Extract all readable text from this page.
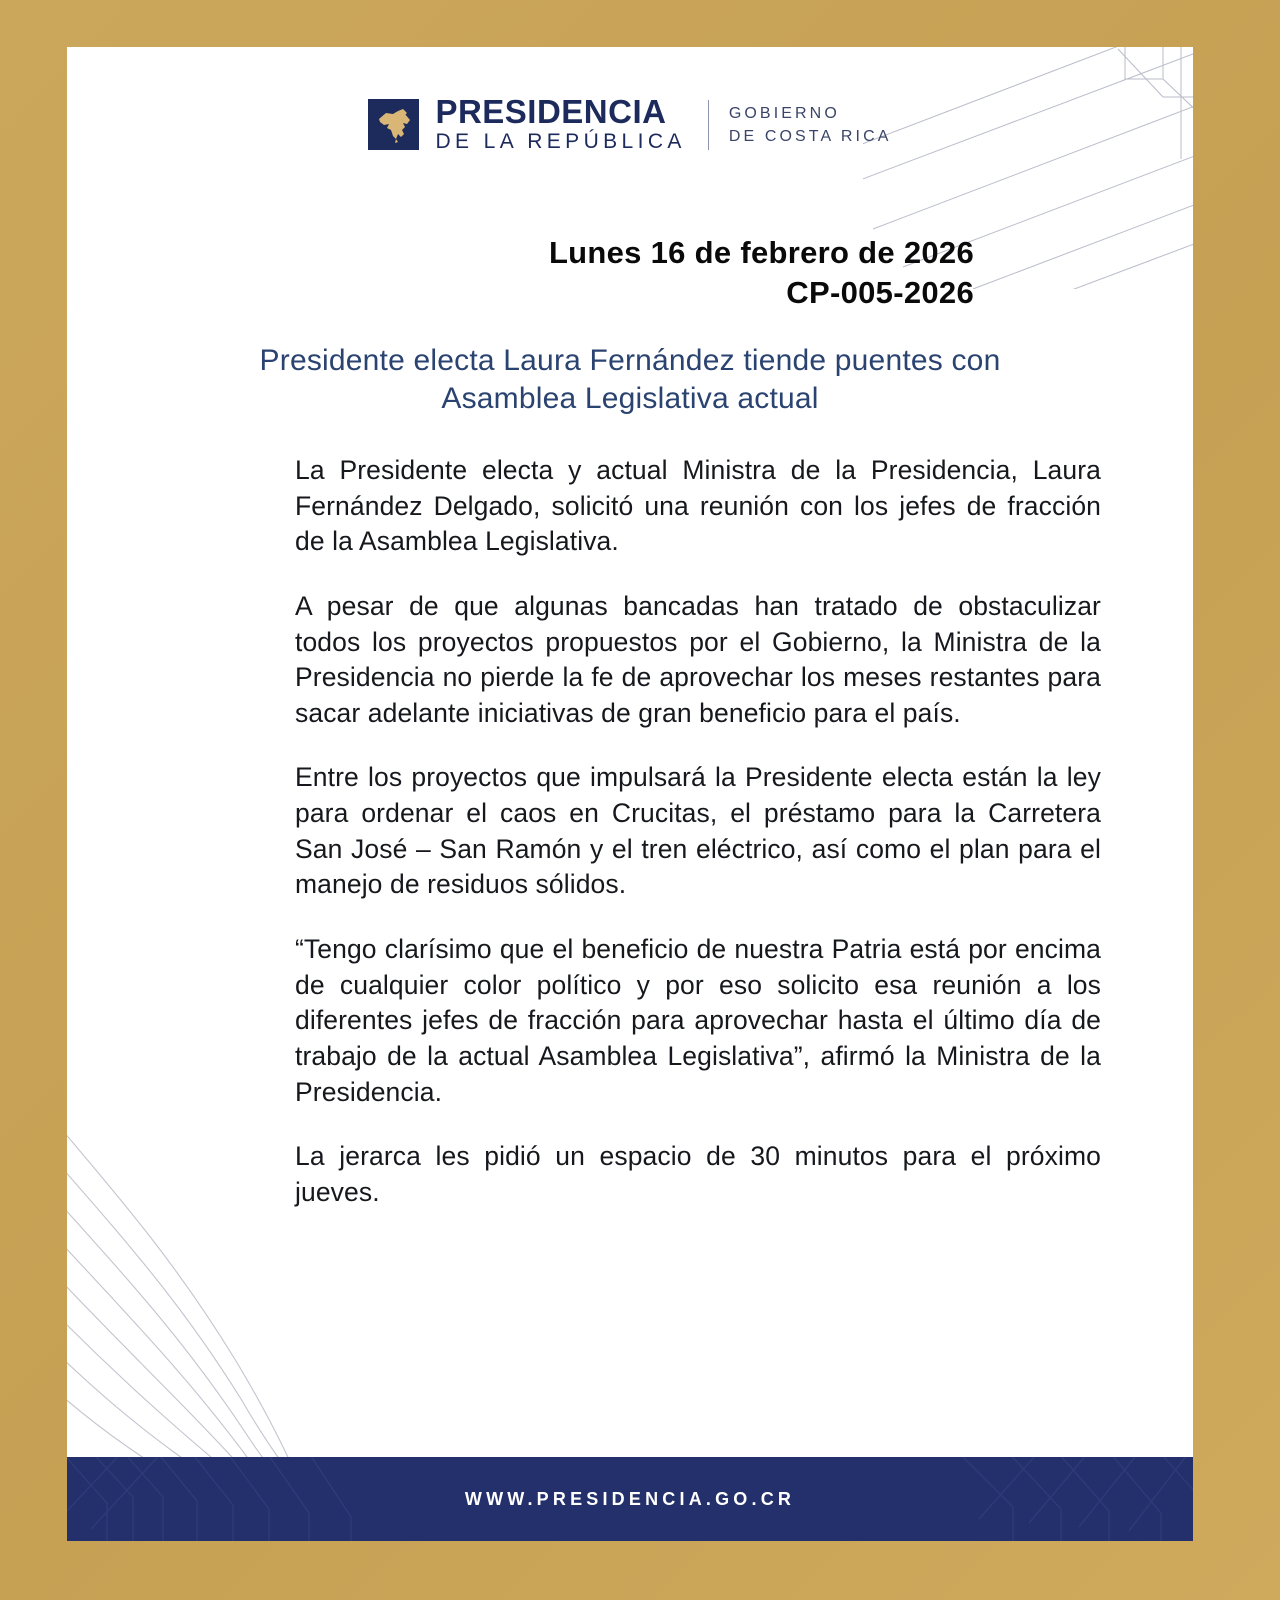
PRESIDENCIA
DE LA REPÚBLICA
GOBIERNO
DE COSTA RICA
Lunes 16 de febrero de 2026
CP-005-2026
Presidente electa Laura Fernández tiende puentes con Asamblea Legislativa actual

La Presidente electa y actual Ministra de la Presidencia, Laura Fernández Delgado, solicitó una reunión con los jefes de fracción de la Asamblea Legislativa.

A pesar de que algunas bancadas han tratado de obstaculizar todos los proyectos propuestos por el Gobierno, la Ministra de la Presidencia no pierde la fe de aprovechar los meses restantes para sacar adelante iniciativas de gran beneficio para el país.

Entre los proyectos que impulsará la Presidente electa están la ley para ordenar el caos en Crucitas, el préstamo para la Carretera San José – San Ramón y el tren eléctrico, así como el plan para el manejo de residuos sólidos.

“Tengo clarísimo que el beneficio de nuestra Patria está por encima de cualquier color político y por eso solicito esa reunión a los diferentes jefes de fracción para aprovechar hasta el último día de trabajo de la actual Asamblea Legislativa”, afirmó la Ministra de la Presidencia.

La jerarca les pidió un espacio de 30 minutos para el próximo jueves.

WWW.PRESIDENCIA.GO.CR
